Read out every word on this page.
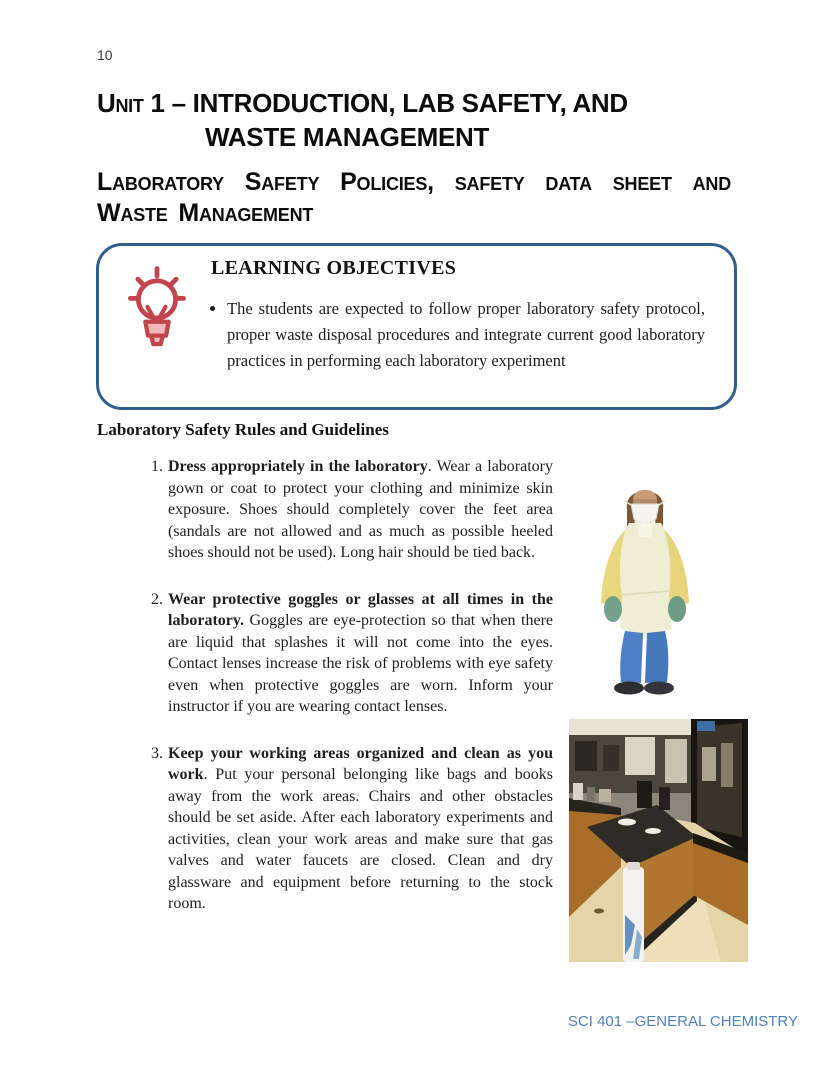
10
Unit 1 – INTRODUCTION, LAB SAFETY, AND
WASTE MANAGEMENT
Laboratory Safety Policies, safety data sheet and Waste Management
LEARNING OBJECTIVES
• The students are expected to follow proper laboratory safety protocol, proper waste disposal procedures and integrate current good laboratory practices in performing each laboratory experiment
Laboratory Safety Rules and Guidelines
1. Dress appropriately in the laboratory. Wear a laboratory gown or coat to protect your clothing and minimize skin exposure. Shoes should completely cover the feet area (sandals are not allowed and as much as possible heeled shoes should not be used). Long hair should be tied back.
2. Wear protective goggles or glasses at all times in the laboratory. Goggles are eye-protection so that when there are liquid that splashes it will not come into the eyes. Contact lenses increase the risk of problems with eye safety even when protective goggles are worn. Inform your instructor if you are wearing contact lenses.
3. Keep your working areas organized and clean as you work. Put your personal belonging like bags and books away from the work areas. Chairs and other obstacles should be set aside. After each laboratory experiments and activities, clean your work areas and make sure that gas valves and water faucets are closed. Clean and dry glassware and equipment before returning to the stock room.
SCI 401 –GENERAL CHEMISTRY
